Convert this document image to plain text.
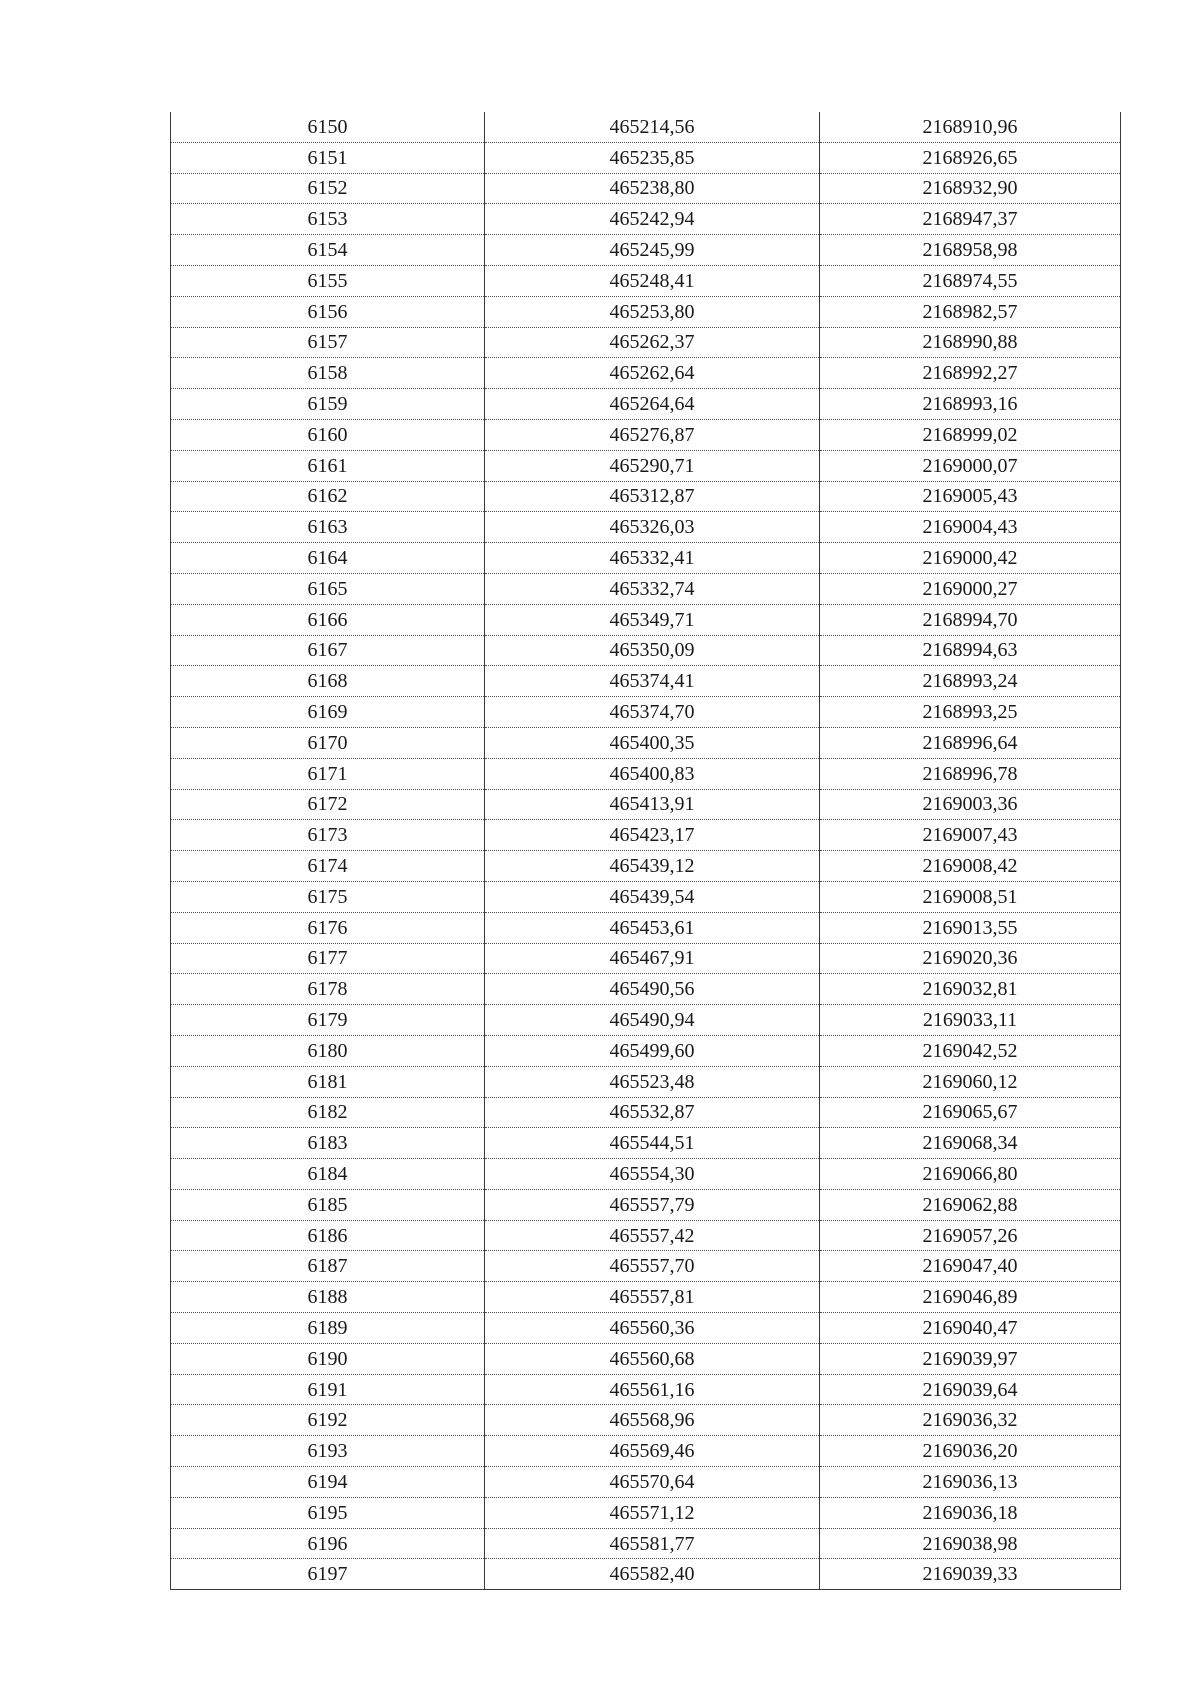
6150	465214,56	2168910,96
6151	465235,85	2168926,65
6152	465238,80	2168932,90
6153	465242,94	2168947,37
6154	465245,99	2168958,98
6155	465248,41	2168974,55
6156	465253,80	2168982,57
6157	465262,37	2168990,88
6158	465262,64	2168992,27
6159	465264,64	2168993,16
6160	465276,87	2168999,02
6161	465290,71	2169000,07
6162	465312,87	2169005,43
6163	465326,03	2169004,43
6164	465332,41	2169000,42
6165	465332,74	2169000,27
6166	465349,71	2168994,70
6167	465350,09	2168994,63
6168	465374,41	2168993,24
6169	465374,70	2168993,25
6170	465400,35	2168996,64
6171	465400,83	2168996,78
6172	465413,91	2169003,36
6173	465423,17	2169007,43
6174	465439,12	2169008,42
6175	465439,54	2169008,51
6176	465453,61	2169013,55
6177	465467,91	2169020,36
6178	465490,56	2169032,81
6179	465490,94	2169033,11
6180	465499,60	2169042,52
6181	465523,48	2169060,12
6182	465532,87	2169065,67
6183	465544,51	2169068,34
6184	465554,30	2169066,80
6185	465557,79	2169062,88
6186	465557,42	2169057,26
6187	465557,70	2169047,40
6188	465557,81	2169046,89
6189	465560,36	2169040,47
6190	465560,68	2169039,97
6191	465561,16	2169039,64
6192	465568,96	2169036,32
6193	465569,46	2169036,20
6194	465570,64	2169036,13
6195	465571,12	2169036,18
6196	465581,77	2169038,98
6197	465582,40	2169039,33
